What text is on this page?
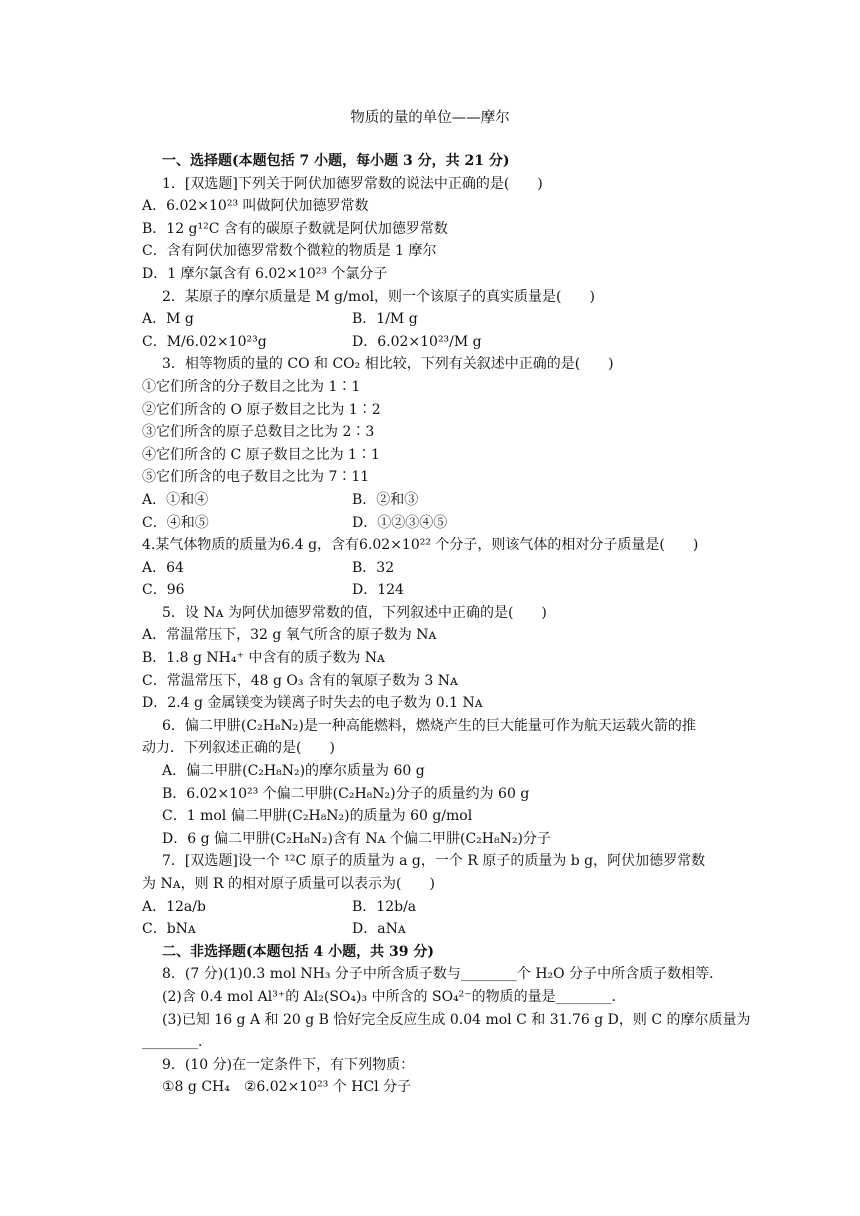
物质的量的单位——摩尔
一、选择题(本题包括 7 小题，每小题 3 分，共 21 分)
1．[双选题]下列关于阿伏加德罗常数的说法中正确的是(　　)
A．6.02×10²³ 叫做阿伏加德罗常数
B．12 g¹²C 含有的碳原子数就是阿伏加德罗常数
C．含有阿伏加德罗常数个微粒的物质是 1 摩尔
D．1 摩尔氯含有 6.02×10²³ 个氯分子
2．某原子的摩尔质量是 M g/mol，则一个该原子的真实质量是(　　)
A．M g	B．1/M g
C．M/6.02×10²³g	D．6.02×10²³/M g
3．相等物质的量的 CO 和 CO₂ 相比较，下列有关叙述中正确的是(　　)
①它们所含的分子数目之比为 1∶1
②它们所含的 O 原子数目之比为 1∶2
③它们所含的原子总数目之比为 2∶3
④它们所含的 C 原子数目之比为 1∶1
⑤它们所含的电子数目之比为 7∶11
A．①和④	B．②和③
C．④和⑤	D．①②③④⑤
4.某气体物质的质量为6.4 g，含有6.02×10²² 个分子，则该气体的相对分子质量是(　　)
A．64	B．32
C．96	D．124
5．设 Nᴀ 为阿伏加德罗常数的值，下列叙述中正确的是(　　)
A．常温常压下，32 g 氧气所含的原子数为 Nᴀ
B．1.8 g NH₄⁺ 中含有的质子数为 Nᴀ
C．常温常压下，48 g O₃ 含有的氧原子数为 3 Nᴀ
D．2.4 g 金属镁变为镁离子时失去的电子数为 0.1 Nᴀ
6．偏二甲肼(C₂H₈N₂)是一种高能燃料，燃烧产生的巨大能量可作为航天运载火箭的推
动力．下列叙述正确的是(　　)
A．偏二甲肼(C₂H₈N₂)的摩尔质量为 60 g
B．6.02×10²³ 个偏二甲肼(C₂H₈N₂)分子的质量约为 60 g
C．1 mol 偏二甲肼(C₂H₈N₂)的质量为 60 g/mol
D．6 g 偏二甲肼(C₂H₈N₂)含有 Nᴀ 个偏二甲肼(C₂H₈N₂)分子
7．[双选题]设一个 ¹²C 原子的质量为 a g，一个 R 原子的质量为 b g，阿伏加德罗常数
为 Nᴀ，则 R 的相对原子质量可以表示为(　　)
A．12a/b	B．12b/a
C．bNᴀ	D．aNᴀ
二、非选择题(本题包括 4 小题，共 39 分)
8．(7 分)(1)0.3 mol NH₃ 分子中所含质子数与________个 H₂O 分子中所含质子数相等．
(2)含 0.4 mol Al³⁺的 Al₂(SO₄)₃ 中所含的 SO₄²⁻的物质的量是________．
(3)已知 16 g A 和 20 g B 恰好完全反应生成 0.04 mol C 和 31.76 g D，则 C 的摩尔质量为
________．
9．(10 分)在一定条件下，有下列物质：
①8 g CH₄　②6.02×10²³ 个 HCl 分子
